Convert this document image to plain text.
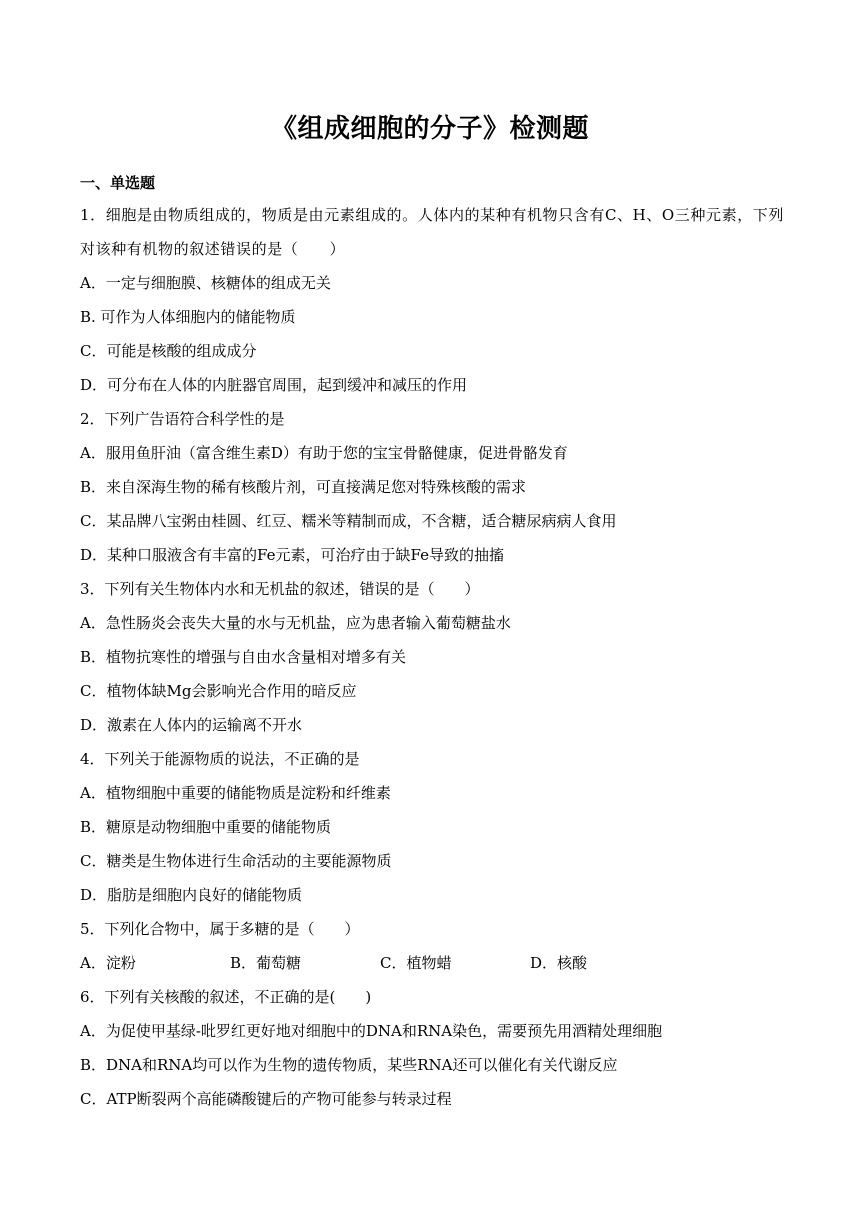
《组成细胞的分子》检测题
一、单选题
1．细胞是由物质组成的，物质是由元素组成的。人体内的某种有机物只含有C、H、O三种元素，下列对该种有机物的叙述错误的是（　　）
A．一定与细胞膜、核糖体的组成无关
B. 可作为人体细胞内的储能物质
C．可能是核酸的组成成分
D．可分布在人体的内脏器官周围，起到缓冲和减压的作用
2．下列广告语符合科学性的是
A．服用鱼肝油（富含维生素D）有助于您的宝宝骨骼健康，促进骨骼发育
B．来自深海生物的稀有核酸片剂，可直接满足您对特殊核酸的需求
C．某品牌八宝粥由桂圆、红豆、糯米等精制而成，不含糖，适合糖尿病病人食用
D．某种口服液含有丰富的Fe元素，可治疗由于缺Fe导致的抽搐
3．下列有关生物体内水和无机盐的叙述，错误的是（　　）
A．急性肠炎会丧失大量的水与无机盐，应为患者输入葡萄糖盐水
B．植物抗寒性的增强与自由水含量相对增多有关
C．植物体缺Mg会影响光合作用的暗反应
D．激素在人体内的运输离不开水
4．下列关于能源物质的说法，不正确的是
A．植物细胞中重要的储能物质是淀粉和纤维素
B．糖原是动物细胞中重要的储能物质
C．糖类是生物体进行生命活动的主要能源物质
D．脂肪是细胞内良好的储能物质
5．下列化合物中，属于多糖的是（　　）
A．淀粉	B．葡萄糖	C．植物蜡	D．核酸
6．下列有关核酸的叙述，不正确的是(　　)
A．为促使甲基绿-吡罗红更好地对细胞中的DNA和RNA染色，需要预先用酒精处理细胞
B．DNA和RNA均可以作为生物的遗传物质，某些RNA还可以催化有关代谢反应
C．ATP断裂两个高能磷酸键后的产物可能参与转录过程
